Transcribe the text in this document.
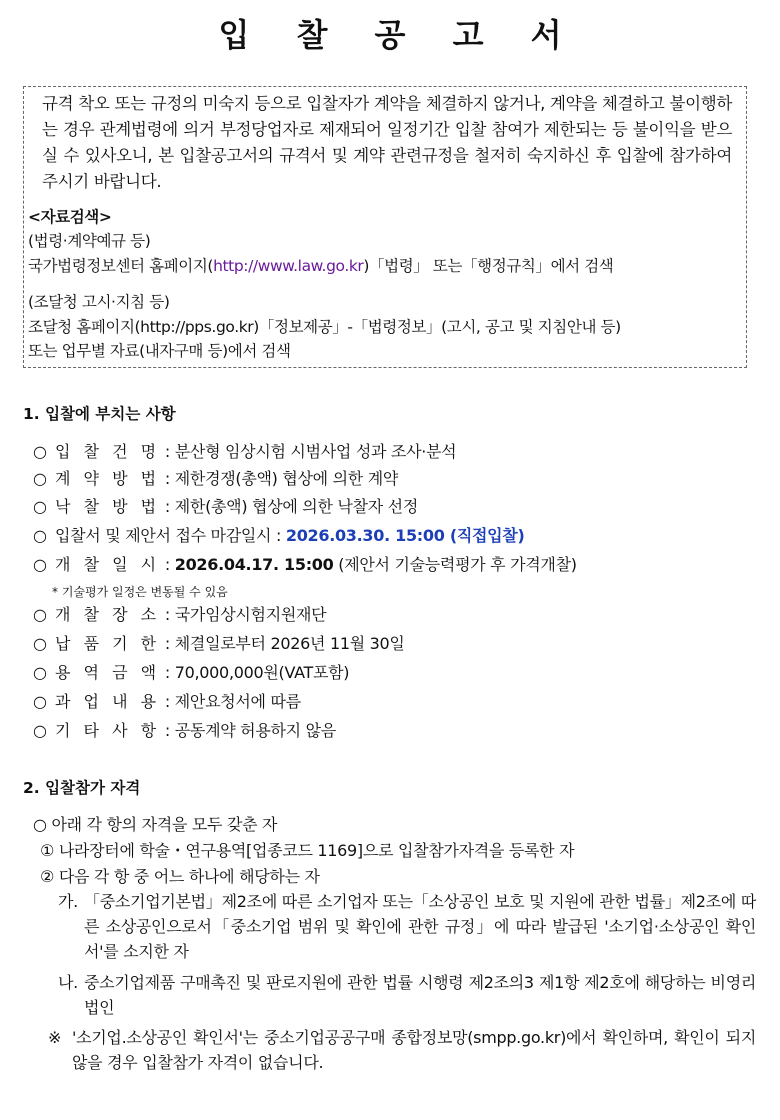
입 찰 공 고 서
규격 착오 또는 규정의 미숙지 등으로 입찰자가 계약을 체결하지 않거나, 계약을 체결하고 불이행하는 경우 관계법령에 의거 부정당업자로 제재되어 일정기간 입찰 참여가 제한되는 등 불이익을 받으실 수 있사오니, 본 입찰공고서의 규격서 및 계약 관련규정을 철저히 숙지하신 후 입찰에 참가하여 주시기 바랍니다.
<자료검색>
(법령·계약예규 등)
국가법령정보센터 홈페이지(http://www.law.go.kr)「법령」 또는「행정규칙」에서 검색
(조달청 고시·지침 등)
조달청 홈페이지(http://pps.go.kr)「정보제공」-「법령정보」(고시, 공고 및 지침안내 등)
또는 업무별 자료(내자구매 등)에서 검색
1. 입찰에 부치는 사항
○ 입 찰 건 명 : 분산형 임상시험 시범사업 성과 조사·분석
○ 계 약 방 법 : 제한경쟁(총액) 협상에 의한 계약
○ 낙 찰 방 법 : 제한(총액) 협상에 의한 낙찰자 선정
○ 입찰서 및 제안서 접수 마감일시 : 2026.03.30. 15:00 (직접입찰)
○ 개 찰 일 시 : 2026.04.17. 15:00 (제안서 기술능력평가 후 가격개찰)
* 기술평가 일정은 변동될 수 있음
○ 개 찰 장 소 : 국가임상시험지원재단
○ 납 품 기 한 : 체결일로부터 2026년 11월 30일
○ 용 역 금 액 : 70,000,000원(VAT포함)
○ 과 업 내 용 : 제안요청서에 따름
○ 기 타 사 항 : 공동계약 허용하지 않음
2. 입찰참가 자격
○ 아래 각 항의 자격을 모두 갖춘 자
① 나라장터에 학술・연구용역[업종코드 1169]으로 입찰참가자격을 등록한 자
② 다음 각 항 중 어느 하나에 해당하는 자
가. 「중소기업기본법」제2조에 따른 소기업자 또는「소상공인 보호 및 지원에 관한 법률」제2조에 따른 소상공인으로서「중소기업 범위 및 확인에 관한 규정」에 따라 발급된 '소기업·소상공인 확인서'를 소지한 자
나. 중소기업제품 구매촉진 및 판로지원에 관한 법률 시행령 제2조의3 제1항 제2호에 해당하는 비영리법인
※ '소기업.소상공인 확인서'는 중소기업공공구매 종합정보망(smpp.go.kr)에서 확인하며, 확인이 되지 않을 경우 입찰참가 자격이 없습니다.
